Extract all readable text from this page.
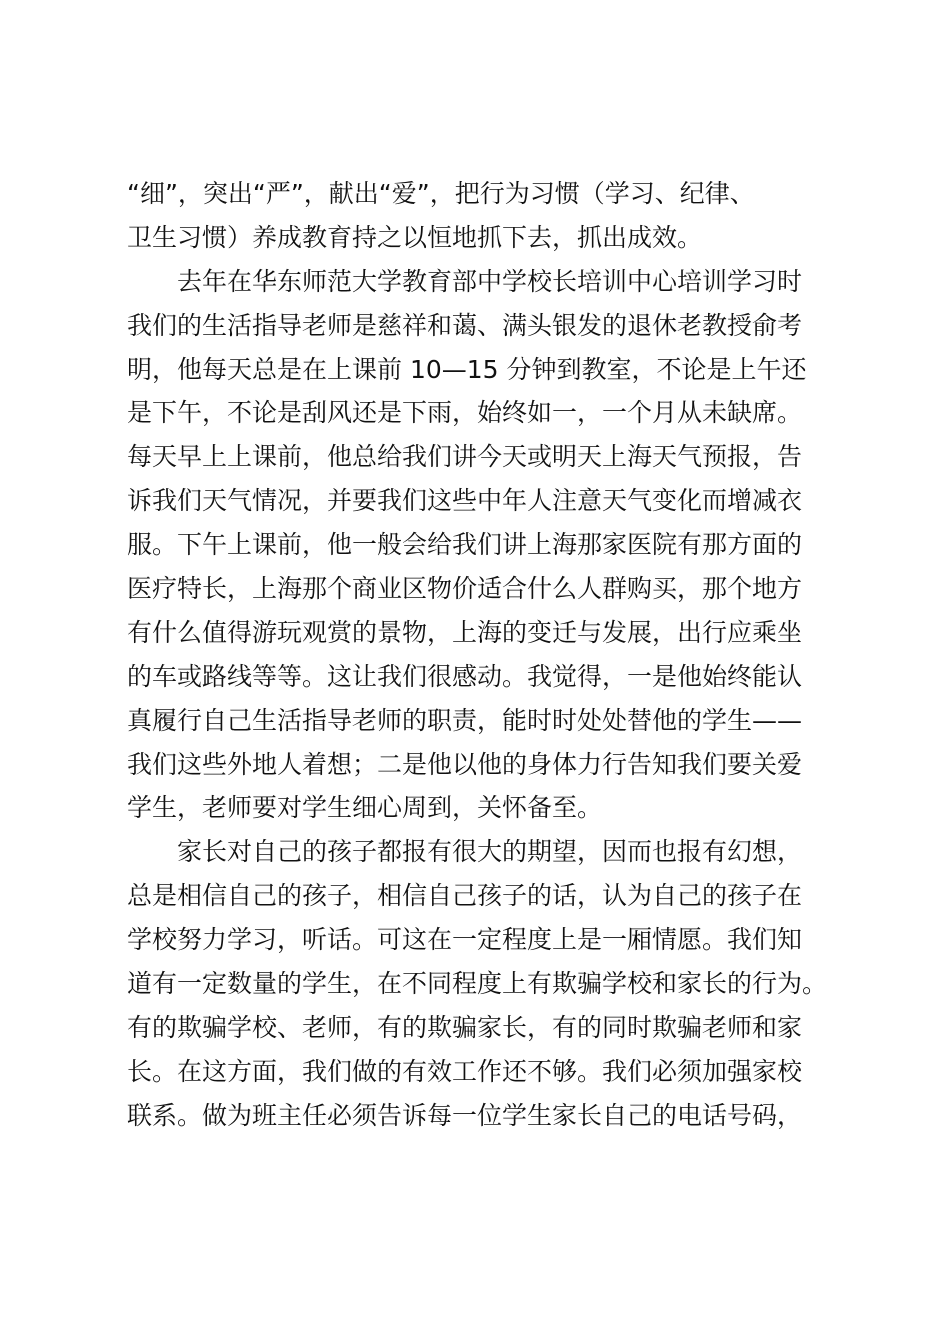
“细”，突出“严”，献出“爱”，把行为习惯（学习、纪律、
卫生习惯）养成教育持之以恒地抓下去，抓出成效。
　　去年在华东师范大学教育部中学校长培训中心培训学习时
我们的生活指导老师是慈祥和蔼、满头银发的退休老教授俞考
明，他每天总是在上课前 10—15 分钟到教室，不论是上午还
是下午，不论是刮风还是下雨，始终如一，一个月从未缺席。
每天早上上课前，他总给我们讲今天或明天上海天气预报，告
诉我们天气情况，并要我们这些中年人注意天气变化而增减衣
服。下午上课前，他一般会给我们讲上海那家医院有那方面的
医疗特长，上海那个商业区物价适合什么人群购买，那个地方
有什么值得游玩观赏的景物，上海的变迁与发展，出行应乘坐
的车或路线等等。这让我们很感动。我觉得，一是他始终能认
真履行自己生活指导老师的职责，能时时处处替他的学生——
我们这些外地人着想；二是他以他的身体力行告知我们要关爱
学生，老师要对学生细心周到，关怀备至。
　　家长对自己的孩子都报有很大的期望，因而也报有幻想，
总是相信自己的孩子，相信自己孩子的话，认为自己的孩子在
学校努力学习，听话。可这在一定程度上是一厢情愿。我们知
道有一定数量的学生，在不同程度上有欺骗学校和家长的行为。
有的欺骗学校、老师，有的欺骗家长，有的同时欺骗老师和家
长。在这方面，我们做的有效工作还不够。我们必须加强家校
联系。做为班主任必须告诉每一位学生家长自己的电话号码，
